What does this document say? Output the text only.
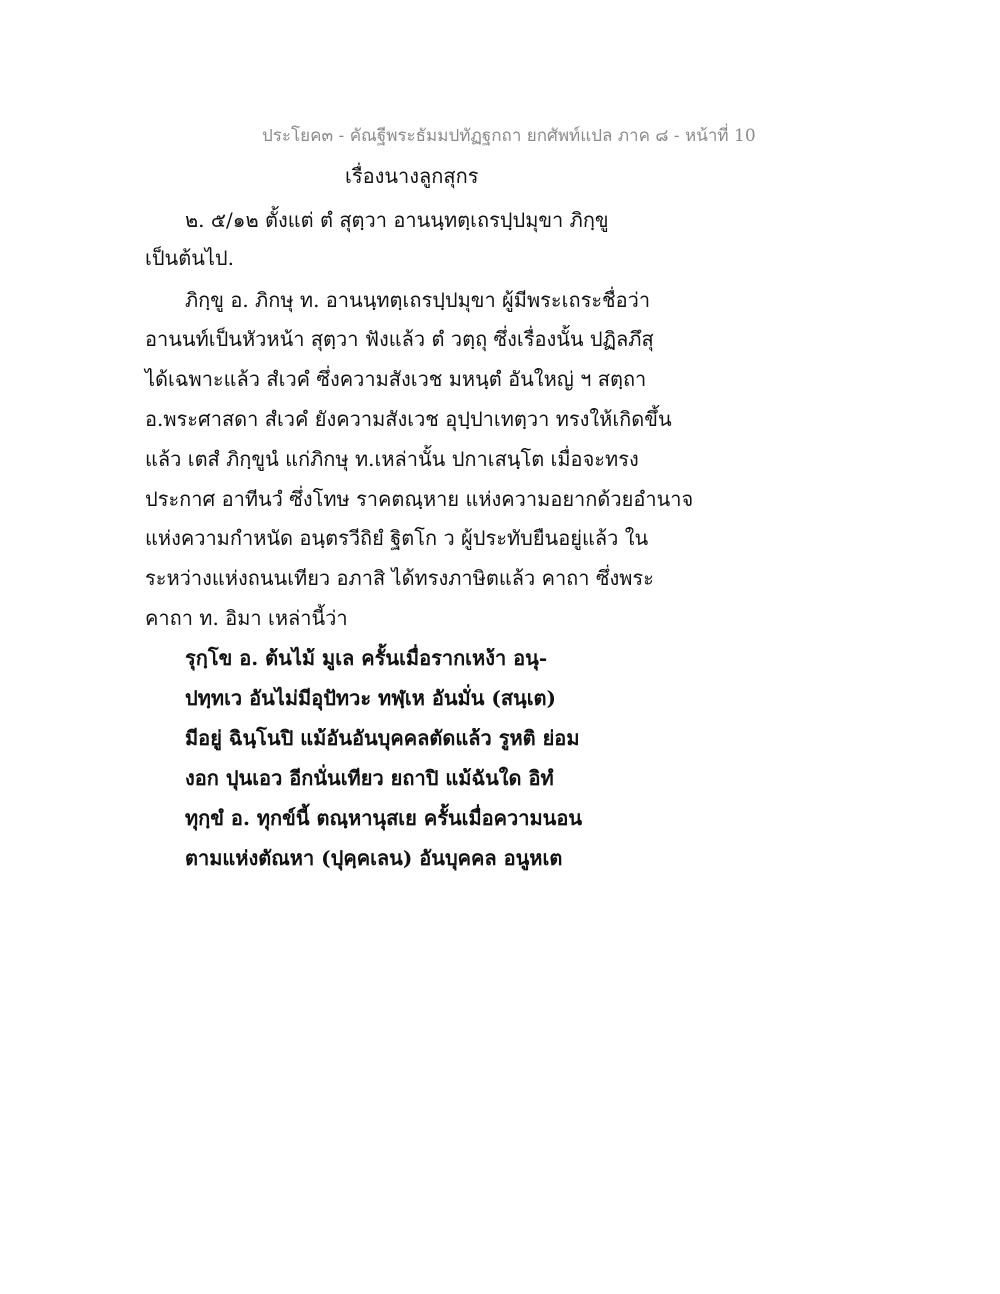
ประโยค๓ - คัณฐีพระธัมมปทัฏฐกถา ยกศัพท์แปล ภาค ๘ - หน้าที่ 10
เรื่องนางลูกสุกร
๒. ๕/๑๒ ตั้งแต่ ตํ สุตฺวา อานนฺทตฺเถรปฺปมุขา ภิกฺขู
เป็นต้นไป.
ภิกฺขู อ. ภิกษุ ท. อานนฺทตฺเถรปฺปมุขา ผู้มีพระเถระชื่อว่า
อานนท์เป็นหัวหน้า สุตฺวา ฟังแล้ว ตํ วตฺถุ ซึ่งเรื่องนั้น ปฏิลภึสุ
ได้เฉพาะแล้ว สํเวคํ ซึ่งความสังเวช มหนฺตํ อันใหญ่ ฯ สตฺถา
อ.พระศาสดา สํเวคํ ยังความสังเวช อุปฺปาเทตฺวา ทรงให้เกิดขึ้น
แล้ว เตสํ ภิกฺขูนํ แก่ภิกษุ ท.เหล่านั้น ปกาเสนฺโต เมื่อจะทรง
ประกาศ อาทีนวํ ซึ่งโทษ ราคตณฺหาย แห่งความอยากด้วยอำนาจ
แห่งความกำหนัด อนฺตรวีถิยํ ฐิตโก ว ผู้ประทับยืนอยู่แล้ว ใน
ระหว่างแห่งถนนเทียว อภาสิ ได้ทรงภาษิตแล้ว คาถา ซึ่งพระ
คาถา ท. อิมา เหล่านี้ว่า
รุกฺโข อ. ต้นไม้ มูเล ครั้นเมื่อรากเหง้า อนุ-
ปทฺทเว อันไม่มีอุปัทวะ ทฬฺเห อันมั่น (สนฺเต)
มีอยู่ ฉินฺโนปิ แม้อันอันบุคคลตัดแล้ว รูหติ ย่อม
งอก ปุนเอว อีกนั่นเทียว ยถาปิ แม้ฉันใด อิทํ
ทุกฺขํ อ. ทุกข์นี้ ตณฺหานุสเย ครั้นเมื่อความนอน
ตามแห่งตัณหา (ปุคฺคเลน) อันบุคคล อนูหเต
